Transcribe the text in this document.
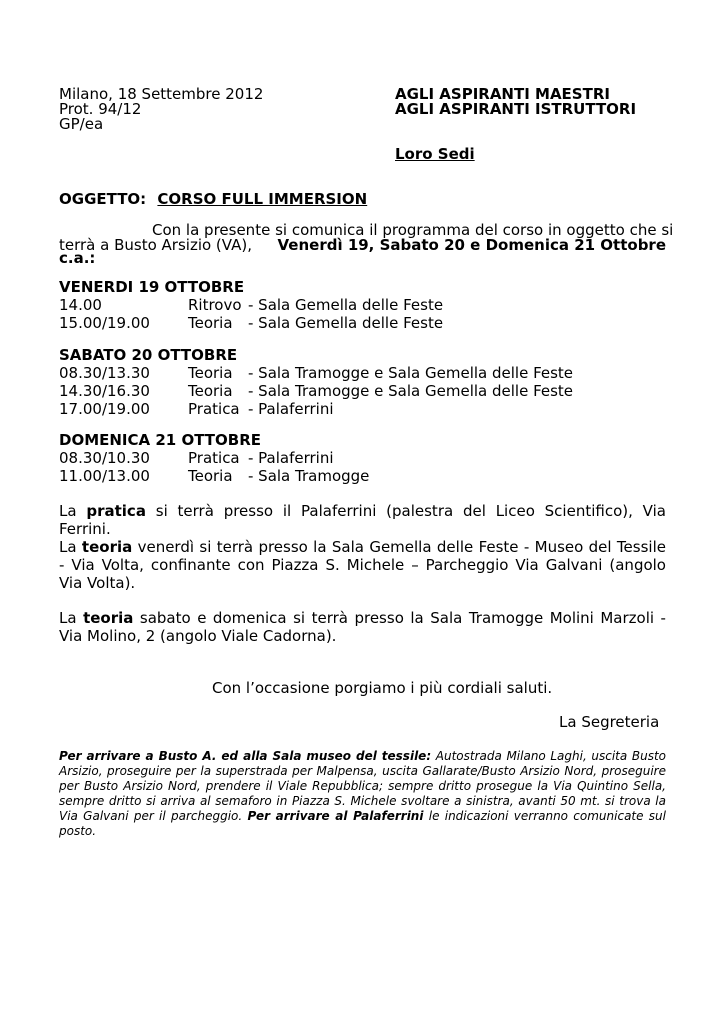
Milano, 18 Settembre 2012
Prot. 94/12
GP/ea
AGLI ASPIRANTI MAESTRI
AGLI ASPIRANTI ISTRUTTORI
Loro Sedi
OGGETTO: CORSO FULL IMMERSION
Con la presente si comunica il programma del corso in oggetto che si
terrà a Busto Arsizio (VA), Venerdì 19, Sabato 20 e Domenica 21 Ottobre
c.a.:
VENERDI 19 OTTOBRE
14.00	Ritrovo - Sala Gemella delle Feste
15.00/19.00	Teoria - Sala Gemella delle Feste
SABATO 20 OTTOBRE
08.30/13.30	Teoria - Sala Tramogge e Sala Gemella delle Feste
14.30/16.30	Teoria - Sala Tramogge e Sala Gemella delle Feste
17.00/19.00	Pratica - Palaferrini
DOMENICA 21 OTTOBRE
08.30/10.30	Pratica - Palaferrini
11.00/13.00	Teoria - Sala Tramogge
La pratica si terrà presso il Palaferrini (palestra del Liceo Scientifico), Via Ferrini.
La teoria venerdì si terrà presso la Sala Gemella delle Feste - Museo del Tessile - Via Volta, confinante con Piazza S. Michele – Parcheggio Via Galvani (angolo Via Volta).
La teoria sabato e domenica si terrà presso la Sala Tramogge Molini Marzoli - Via Molino, 2 (angolo Viale Cadorna).
Con l’occasione porgiamo i più cordiali saluti.
La Segreteria
Per arrivare a Busto A. ed alla Sala museo del tessile: Autostrada Milano Laghi, uscita Busto Arsizio, proseguire per la superstrada per Malpensa, uscita Gallarate/Busto Arsizio Nord, proseguire per Busto Arsizio Nord, prendere il Viale Repubblica; sempre dritto prosegue la Via Quintino Sella, sempre dritto si arriva al semaforo in Piazza S. Michele svoltare a sinistra, avanti 50 mt. si trova la Via Galvani per il parcheggio. Per arrivare al Palaferrini le indicazioni verranno comunicate sul posto.
